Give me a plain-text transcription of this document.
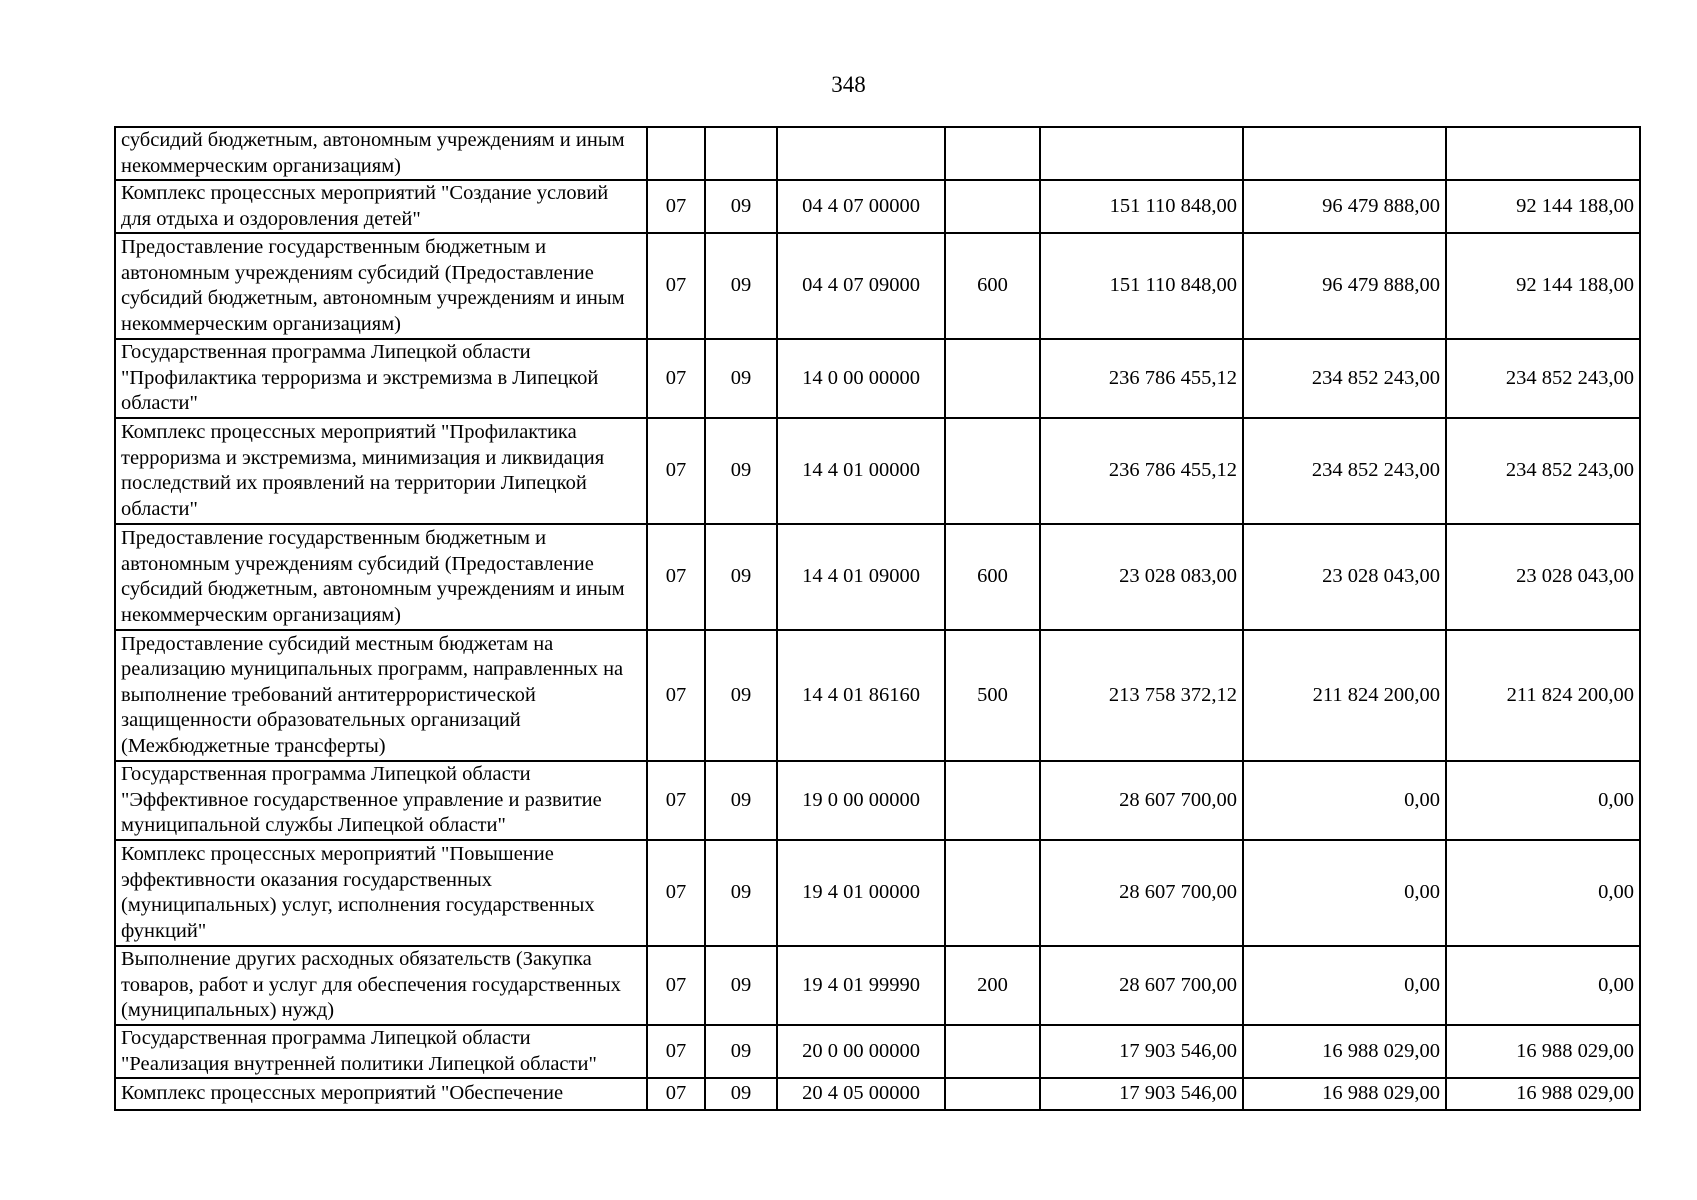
348
субсидий бюджетным, автономным учреждениям и иным некоммерческим организациям)							
Комплекс процессных мероприятий "Создание условий для отдыха и оздоровления детей"	07	09	04 4 07 00000		151 110 848,00	96 479 888,00	92 144 188,00
Предоставление государственным бюджетным и автономным учреждениям субсидий (Предоставление субсидий бюджетным, автономным учреждениям и иным некоммерческим организациям)	07	09	04 4 07 09000	600	151 110 848,00	96 479 888,00	92 144 188,00
Государственная программа Липецкой области "Профилактика терроризма и экстремизма в Липецкой области"	07	09	14 0 00 00000		236 786 455,12	234 852 243,00	234 852 243,00
Комплекс процессных мероприятий "Профилактика терроризма и экстремизма, минимизация и ликвидация последствий их проявлений на территории Липецкой области"	07	09	14 4 01 00000		236 786 455,12	234 852 243,00	234 852 243,00
Предоставление государственным бюджетным и автономным учреждениям субсидий (Предоставление субсидий бюджетным, автономным учреждениям и иным некоммерческим организациям)	07	09	14 4 01 09000	600	23 028 083,00	23 028 043,00	23 028 043,00
Предоставление субсидий местным бюджетам на реализацию муниципальных программ, направленных на выполнение требований антитеррористической защищенности образовательных организаций (Межбюджетные трансферты)	07	09	14 4 01 86160	500	213 758 372,12	211 824 200,00	211 824 200,00
Государственная программа Липецкой области "Эффективное государственное управление и развитие муниципальной службы Липецкой области"	07	09	19 0 00 00000		28 607 700,00	0,00	0,00
Комплекс процессных мероприятий "Повышение эффективности оказания государственных (муниципальных) услуг, исполнения государственных функций"	07	09	19 4 01 00000		28 607 700,00	0,00	0,00
Выполнение других расходных обязательств (Закупка товаров, работ и услуг для обеспечения государственных (муниципальных) нужд)	07	09	19 4 01 99990	200	28 607 700,00	0,00	0,00
Государственная программа Липецкой области "Реализация внутренней политики Липецкой области"	07	09	20 0 00 00000		17 903 546,00	16 988 029,00	16 988 029,00
Комплекс процессных мероприятий "Обеспечение	07	09	20 4 05 00000		17 903 546,00	16 988 029,00	16 988 029,00
